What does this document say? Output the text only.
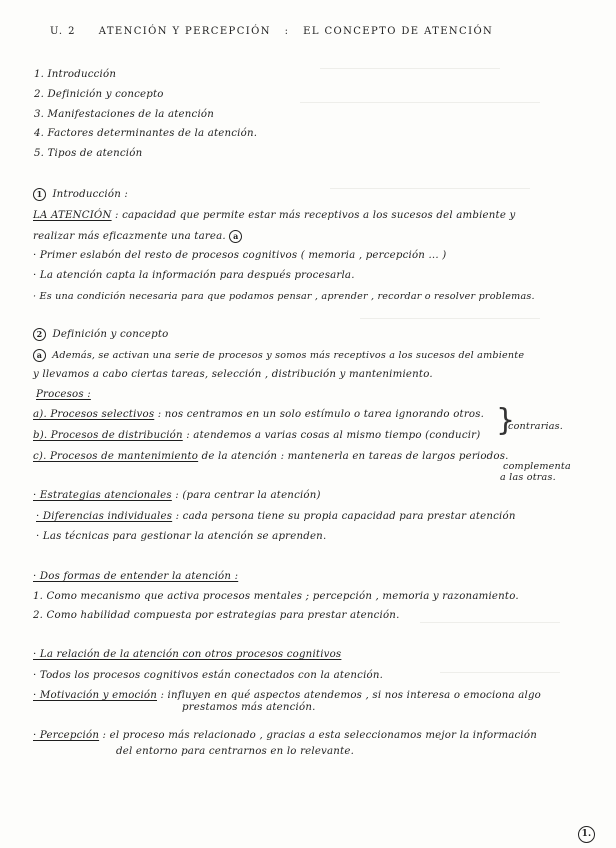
U. 2 ATENCIÓN Y PERCEPCIÓN : EL CONCEPTO DE ATENCIÓN
1. Introducción
2. Definición y concepto
3. Manifestaciones de la atención
4. Factores determinantes de la atención.
5. Tipos de atención
1 Introducción :
LA ATENCIÓN : capacidad que permite estar más receptivos a los sucesos del ambiente y
realizar más eficazmente una tarea. a
· Primer eslabón del resto de procesos cognitivos ( memoria , percepción ... )
· La atención capta la información para después procesarla.
· Es una condición necesaria para que podamos pensar , aprender , recordar o resolver problemas.
2 Definición y concepto
a Además, se activan una serie de procesos y somos más receptivos a los sucesos del ambiente
y llevamos a cabo ciertas tareas, selección , distribución y mantenimiento.
Procesos :
a). Procesos selectivos : nos centramos en un solo estímulo o tarea ignorando otros.
b). Procesos de distribución : atendemos a varias cosas al mismo tiempo (conducir) }
contrarias.
c). Procesos de mantenimiento de la atención : mantenerla en tareas de largos periodos.
complementa
a las otras.
· Estrategias atencionales : (para centrar la atención)
· Diferencias individuales : cada persona tiene su propia capacidad para prestar atención
· Las técnicas para gestionar la atención se aprenden.
· Dos formas de entender la atención :
1. Como mecanismo que activa procesos mentales ; percepción , memoria y razonamiento.
2. Como habilidad compuesta por estrategias para prestar atención.
· La relación de la atención con otros procesos cognitivos
· Todos los procesos cognitivos están conectados con la atención.
· Motivación y emoción : influyen en qué aspectos atendemos , si nos interesa o emociona algo
prestamos más atención.
· Percepción : el proceso más relacionado , gracias a esta seleccionamos mejor la información
del entorno para centrarnos en lo relevante.
1.
